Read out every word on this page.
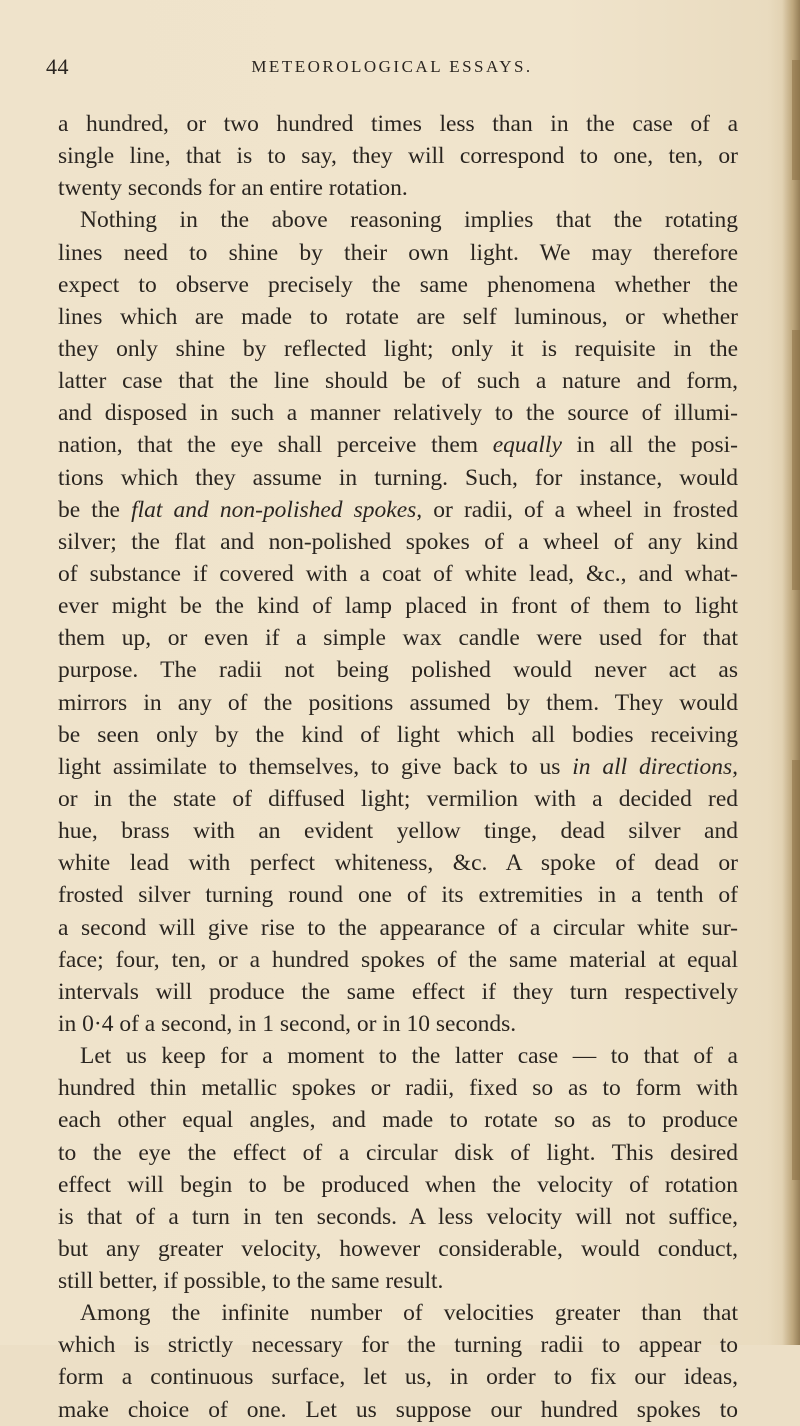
44	METEOROLOGICAL ESSAYS.
a hundred, or two hundred times less than in the case of a
single line, that is to say, they will correspond to one, ten, or
twenty seconds for an entire rotation.
Nothing in the above reasoning implies that the rotating
lines need to shine by their own light. We may therefore
expect to observe precisely the same phenomena whether the
lines which are made to rotate are self luminous, or whether
they only shine by reflected light; only it is requisite in the
latter case that the line should be of such a nature and form,
and disposed in such a manner relatively to the source of illumi-
nation, that the eye shall perceive them equally in all the posi-
tions which they assume in turning. Such, for instance, would
be the flat and non-polished spokes, or radii, of a wheel in frosted
silver; the flat and non-polished spokes of a wheel of any kind
of substance if covered with a coat of white lead, &c., and what-
ever might be the kind of lamp placed in front of them to light
them up, or even if a simple wax candle were used for that
purpose. The radii not being polished would never act as
mirrors in any of the positions assumed by them. They would
be seen only by the kind of light which all bodies receiving
light assimilate to themselves, to give back to us in all directions,
or in the state of diffused light; vermilion with a decided red
hue, brass with an evident yellow tinge, dead silver and
white lead with perfect whiteness, &c. A spoke of dead or
frosted silver turning round one of its extremities in a tenth of
a second will give rise to the appearance of a circular white sur-
face; four, ten, or a hundred spokes of the same material at equal
intervals will produce the same effect if they turn respectively
in 0·4 of a second, in 1 second, or in 10 seconds.
Let us keep for a moment to the latter case — to that of a
hundred thin metallic spokes or radii, fixed so as to form with
each other equal angles, and made to rotate so as to produce
to the eye the effect of a circular disk of light. This desired
effect will begin to be produced when the velocity of rotation
is that of a turn in ten seconds. A less velocity will not suffice,
but any greater velocity, however considerable, would conduct,
still better, if possible, to the same result.
Among the infinite number of velocities greater than that
which is strictly necessary for the turning radii to appear to
form a continuous surface, let us, in order to fix our ideas,
make choice of one. Let us suppose our hundred spokes to
